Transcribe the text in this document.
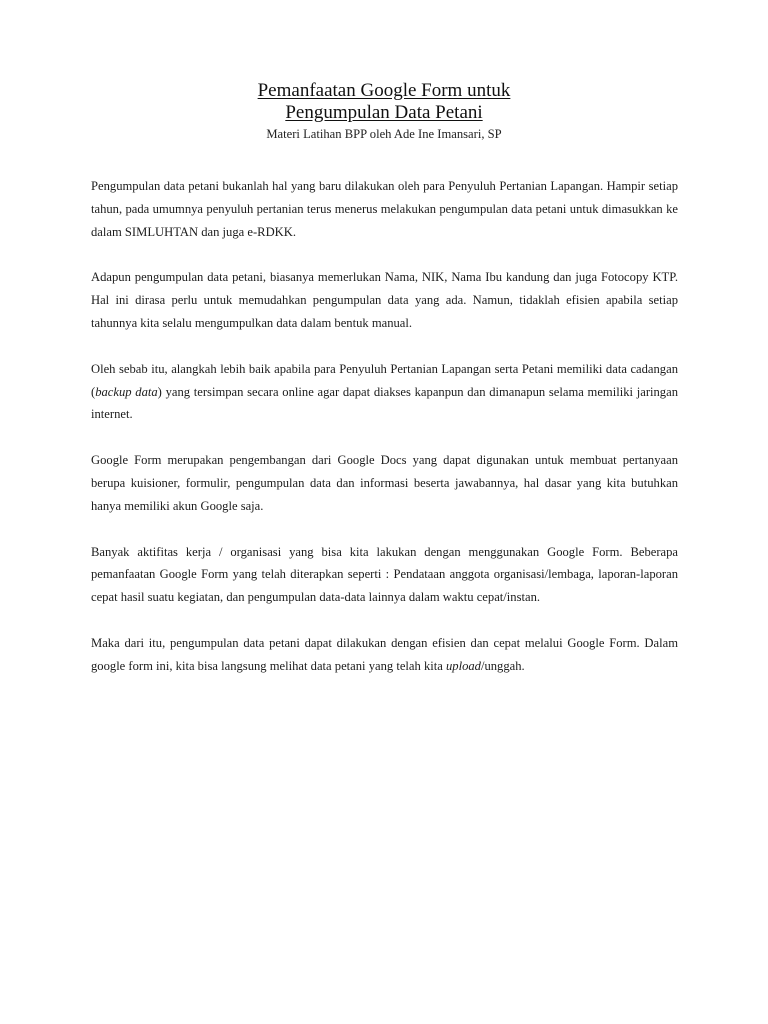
Pemanfaatan Google Form untuk
Pengumpulan Data Petani
Materi Latihan BPP oleh Ade Ine Imansari, SP

Pengumpulan data petani bukanlah hal yang baru dilakukan oleh para Penyuluh Pertanian Lapangan. Hampir setiap tahun, pada umumnya penyuluh pertanian terus menerus melakukan pengumpulan data petani untuk dimasukkan ke dalam SIMLUHTAN dan juga e-RDKK.

Adapun pengumpulan data petani, biasanya memerlukan Nama, NIK, Nama Ibu kandung dan juga Fotocopy KTP. Hal ini dirasa perlu untuk memudahkan pengumpulan data yang ada. Namun, tidaklah efisien apabila setiap tahunnya kita selalu mengumpulkan data dalam bentuk manual.

Oleh sebab itu, alangkah lebih baik apabila para Penyuluh Pertanian Lapangan serta Petani memiliki data cadangan (backup data) yang tersimpan secara online agar dapat diakses kapanpun dan dimanapun selama memiliki jaringan internet.

Google Form merupakan pengembangan dari Google Docs yang dapat digunakan untuk membuat pertanyaan berupa kuisioner, formulir, pengumpulan data dan informasi beserta jawabannya, hal dasar yang kita butuhkan hanya memiliki akun Google saja.

Banyak aktifitas kerja / organisasi yang bisa kita lakukan dengan menggunakan Google Form. Beberapa pemanfaatan Google Form yang telah diterapkan seperti : Pendataan anggota organisasi/lembaga, laporan-laporan cepat hasil suatu kegiatan, dan pengumpulan data-data lainnya dalam waktu cepat/instan.

Maka dari itu, pengumpulan data petani dapat dilakukan dengan efisien dan cepat melalui Google Form. Dalam google form ini, kita bisa langsung melihat data petani yang telah kita upload/unggah.
